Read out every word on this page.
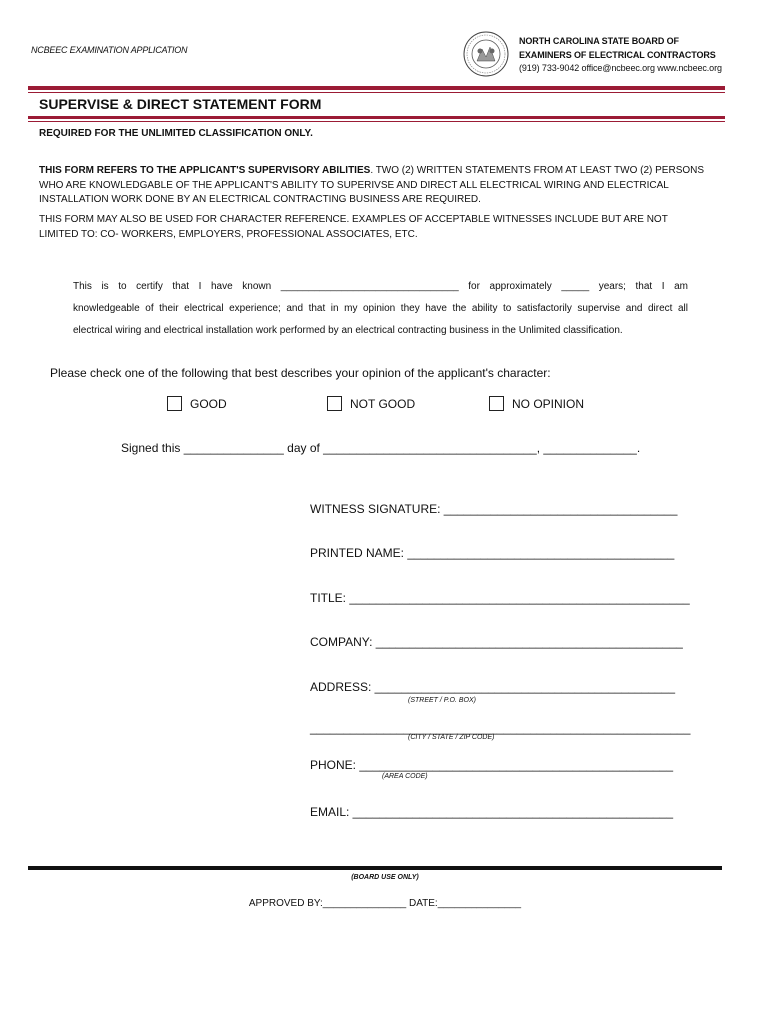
NCBEEC EXAMINATION APPLICATION
NORTH CAROLINA STATE BOARD OF
EXAMINERS OF ELECTRICAL CONTRACTORS
(919) 733-9042 office@ncbeec.org www.ncbeec.org
SUPERVISE & DIRECT STATEMENT FORM
REQUIRED FOR THE UNLIMITED CLASSIFICATION ONLY.
THIS FORM REFERS TO THE APPLICANT'S SUPERVISORY ABILITIES. TWO (2) WRITTEN STATEMENTS FROM AT LEAST TWO (2) PERSONS WHO ARE KNOWLEDGABLE OF THE APPLICANT'S ABILITY TO SUPERIVSE AND DIRECT ALL ELECTRICAL WIRING AND ELECTRICAL INSTALLATION WORK DONE BY AN ELECTRICAL CONTRACTING BUSINESS ARE REQUIRED.
THIS FORM MAY ALSO BE USED FOR CHARACTER REFERENCE. EXAMPLES OF ACCEPTABLE WITNESSES INCLUDE BUT ARE NOT LIMITED TO: CO- WORKERS, EMPLOYERS, PROFESSIONAL ASSOCIATES, ETC.
This is to certify that I have known ________________________________ for approximately _____ years; that I am
knowledgeable of their electrical experience; and that in my opinion they have the ability to satisfactorily supervise and direct all
electrical wiring and electrical installation work performed by an electrical contracting business in the Unlimited classification.
Please check one of the following that best describes your opinion of the applicant's character:
GOOD	NOT GOOD	NO OPINION
Signed this _______________ day of ________________________________, ______________.
WITNESS SIGNATURE: ___________________________________
PRINTED NAME: ________________________________________
TITLE: ___________________________________________________
COMPANY: ______________________________________________
ADDRESS: _____________________________________________
(STREET / P.O. BOX)
_________________________________________________________
(CITY / STATE / ZIP CODE)
PHONE: _______________________________________________
(AREA CODE)
EMAIL: ________________________________________________
(BOARD USE ONLY)
APPROVED BY:_______________ DATE:_______________
